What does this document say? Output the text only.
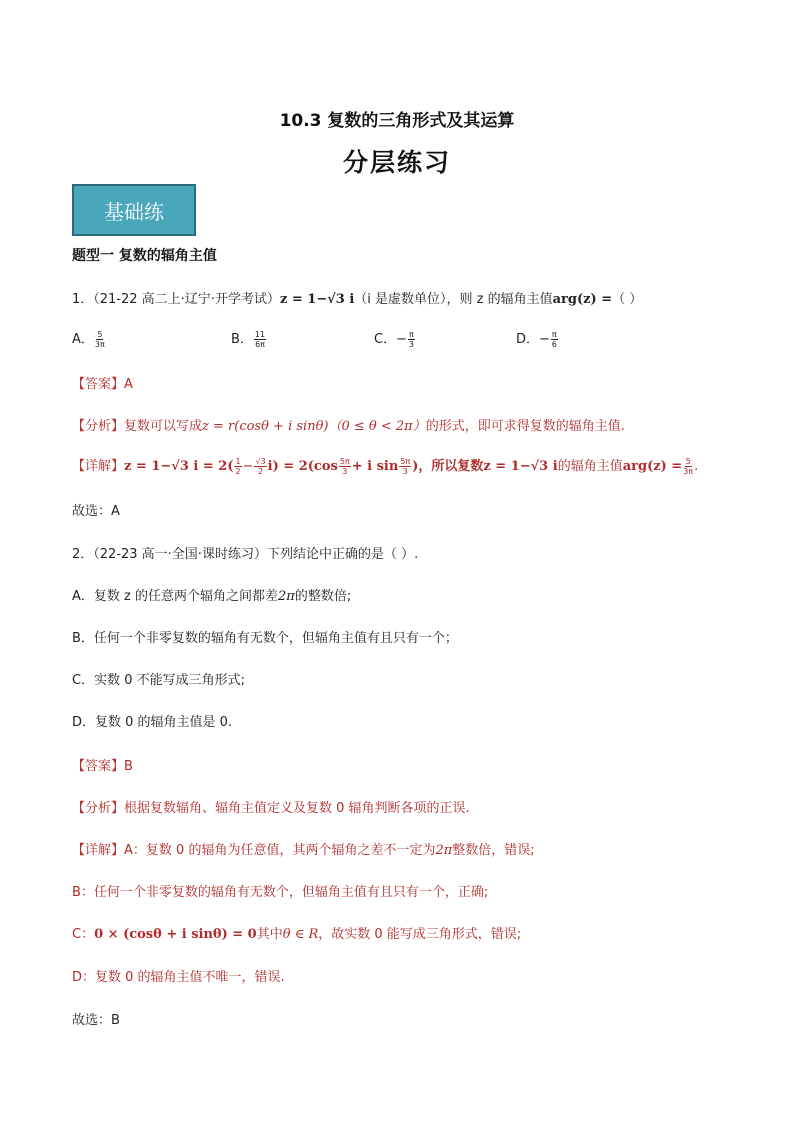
10.3 复数的三角形式及其运算
分层练习
基础练
题型一 复数的辐角主值
1．（21-22 高二上·辽宁·开学考试）z = 1−√3 i（i 是虚数单位），则 z 的辐角主值arg(z) =（ ）
A． $\frac{5}{3\pi}$	B． $\frac{11}{6\pi}$	C．− $\frac{\pi}{3}$	D．− $\frac{\pi}{6}$
【答案】A
【分析】复数可以写成z = r(cosθ + i sinθ)（0 ≤ θ < 2π）的形式，即可求得复数的辐角主值.
【详解】z = 1−√3 $i = 2( \frac{1}{2} - \frac{√3}{2} i) = 2(\cos \frac{5\pi}{3} + i$ $\sin \frac{5\pi}{3}$ )，所以复数z = 1−√3 i的辐角主值$arg(z) = \frac{5}{3\pi}$ .
故选：A
2．（22-23 高一·全国·课时练习）下列结论中正确的是（ ）.
A．复数 z 的任意两个辐角之间都差2π的整数倍;
B．任何一个非零复数的辐角有无数个，但辐角主值有且只有一个；
C．实数 0 不能写成三角形式;
D．复数 0 的辐角主值是 0.
【答案】B
【分析】根据复数辐角、辐角主值定义及复数 0 辐角判断各项的正误.
【详解】A：复数 0 的辐角为任意值，其两个辐角之差不一定为2π整数倍，错误;
B：任何一个非零复数的辐角有无数个，但辐角主值有且只有一个，正确;
C：0 × (cosθ + i sinθ) = 0其中θ ∈ R，故实数 0 能写成三角形式，错误;
D：复数 0 的辐角主值不唯一，错误.
故选：B
